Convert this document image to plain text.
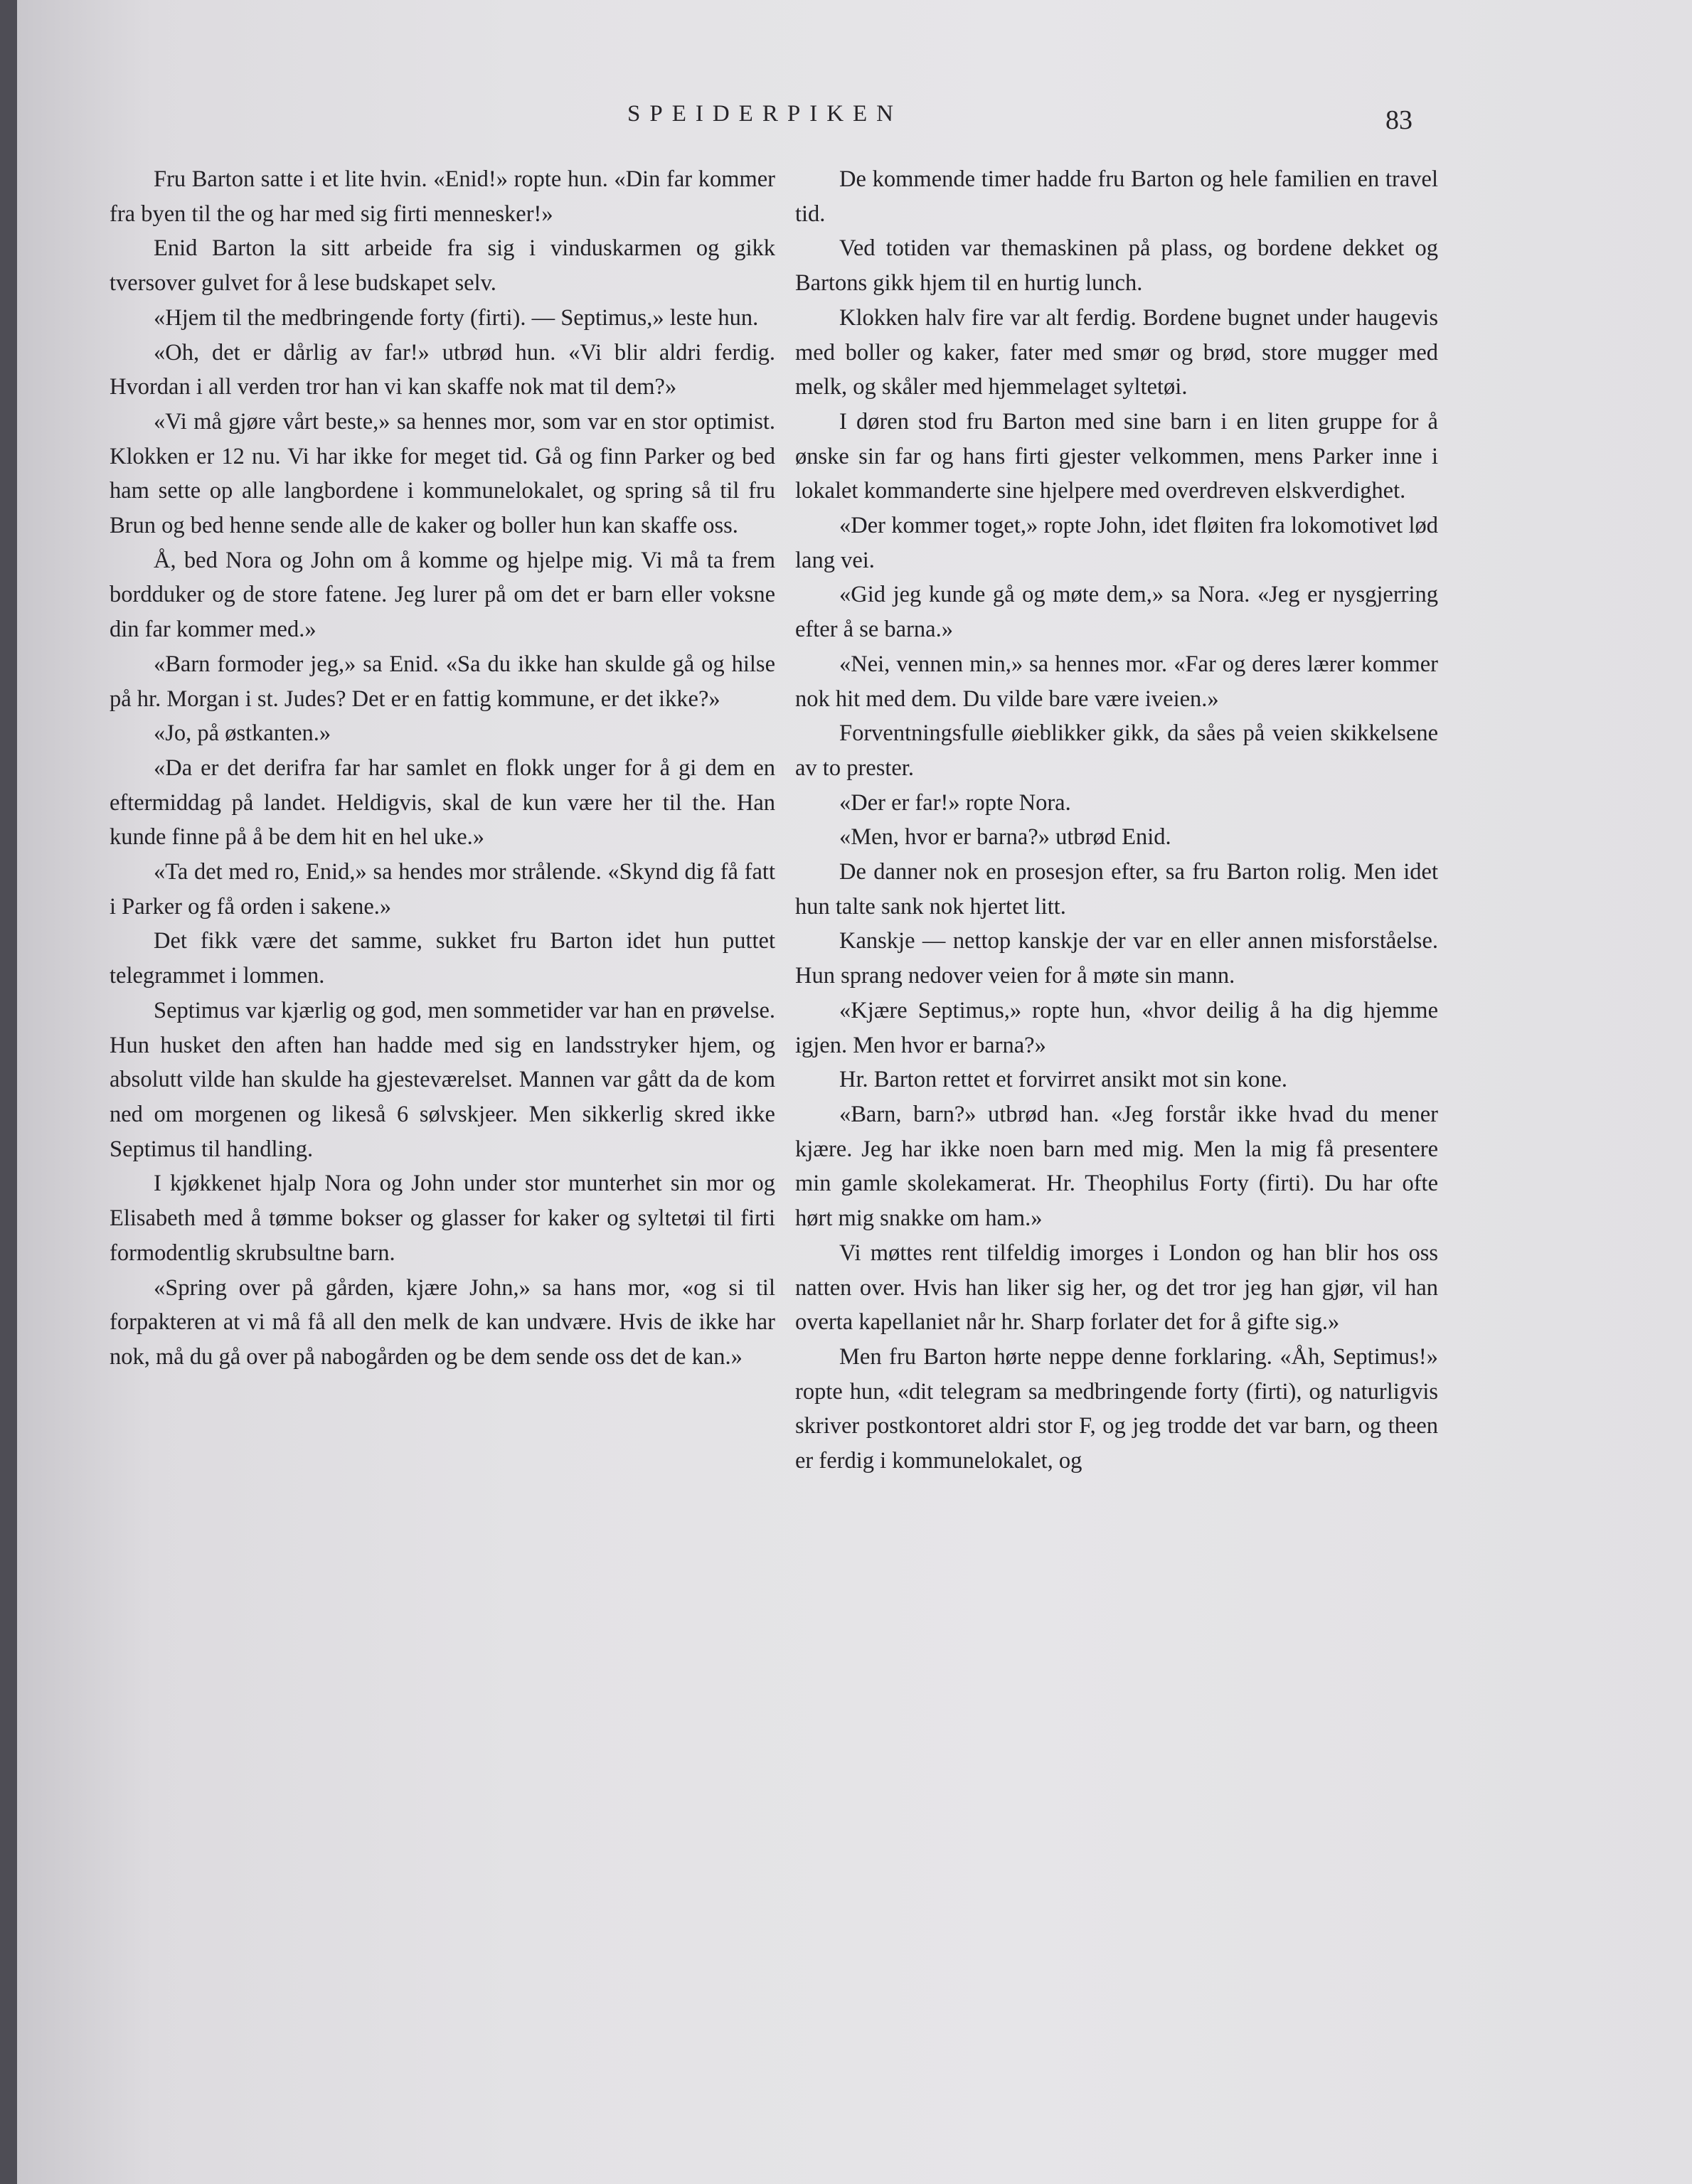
SPEIDERPIKEN	83

Fru Barton satte i et lite hvin. «Enid!» ropte hun. «Din far kommer fra byen til the og har med sig firti mennesker!»

Enid Barton la sitt arbeide fra sig i vinduskarmen og gikk tversover gulvet for å lese budskapet selv.

«Hjem til the medbringende forty (firti). — Septimus,» leste hun.

«Oh, det er dårlig av far!» utbrød hun. «Vi blir aldri ferdig. Hvordan i all verden tror han vi kan skaffe nok mat til dem?»

«Vi må gjøre vårt beste,» sa hennes mor, som var en stor optimist. Klokken er 12 nu. Vi har ikke for meget tid. Gå og finn Parker og bed ham sette op alle langbordene i kommunelokalet, og spring så til fru Brun og bed henne sende alle de kaker og boller hun kan skaffe oss.

Å, bed Nora og John om å komme og hjelpe mig. Vi må ta frem bordduker og de store fatene. Jeg lurer på om det er barn eller voksne din far kommer med.»

«Barn formoder jeg,» sa Enid. «Sa du ikke han skulde gå og hilse på hr. Morgan i st. Judes? Det er en fattig kommune, er det ikke?»

«Jo, på østkanten.»

«Da er det derifra far har samlet en flokk unger for å gi dem en eftermiddag på landet. Heldigvis, skal de kun være her til the. Han kunde finne på å be dem hit en hel uke.»

«Ta det med ro, Enid,» sa hendes mor strålende. «Skynd dig få fatt i Parker og få orden i sakene.»

Det fikk være det samme, sukket fru Barton idet hun puttet telegrammet i lommen.

Septimus var kjærlig og god, men sommetider var han en prøvelse. Hun husket den aften han hadde med sig en landsstryker hjem, og absolutt vilde han skulde ha gjesteværelset. Mannen var gått da de kom ned om morgenen og likeså 6 sølvskjeer. Men sikkerlig skred ikke Septimus til handling.

I kjøkkenet hjalp Nora og John under stor munterhet sin mor og Elisabeth med å tømme bokser og glasser for kaker og syltetøi til firti formodentlig skrubsultne barn.

«Spring over på gården, kjære John,» sa hans mor, «og si til forpakteren at vi må få all den melk de kan undvære. Hvis de ikke har nok, må du gå over på nabogården og be dem sende oss det de kan.»

De kommende timer hadde fru Barton og hele familien en travel tid.

Ved totiden var themaskinen på plass, og bordene dekket og Bartons gikk hjem til en hurtig lunch.

Klokken halv fire var alt ferdig. Bordene bugnet under haugevis med boller og kaker, fater med smør og brød, store mugger med melk, og skåler med hjemmelaget syltetøi.

I døren stod fru Barton med sine barn i en liten gruppe for å ønske sin far og hans firti gjester velkommen, mens Parker inne i lokalet kommanderte sine hjelpere med overdreven elskverdighet.

«Der kommer toget,» ropte John, idet fløiten fra lokomotivet lød lang vei.

«Gid jeg kunde gå og møte dem,» sa Nora. «Jeg er nysgjerring efter å se barna.»

«Nei, vennen min,» sa hennes mor. «Far og deres lærer kommer nok hit med dem. Du vilde bare være iveien.»

Forventningsfulle øieblikker gikk, da såes på veien skikkelsene av to prester.

«Der er far!» ropte Nora.

«Men, hvor er barna?» utbrød Enid.

De danner nok en prosesjon efter, sa fru Barton rolig. Men idet hun talte sank nok hjertet litt.

Kanskje — nettop kanskje der var en eller annen misforståelse. Hun sprang nedover veien for å møte sin mann.

«Kjære Septimus,» ropte hun, «hvor deilig å ha dig hjemme igjen. Men hvor er barna?»

Hr. Barton rettet et forvirret ansikt mot sin kone.

«Barn, barn?» utbrød han. «Jeg forstår ikke hvad du mener kjære. Jeg har ikke noen barn med mig. Men la mig få presentere min gamle skolekamerat. Hr. Theophilus Forty (firti). Du har ofte hørt mig snakke om ham.»

Vi møttes rent tilfeldig imorges i London og han blir hos oss natten over. Hvis han liker sig her, og det tror jeg han gjør, vil han overta kapellaniet når hr. Sharp forlater det for å gifte sig.»

Men fru Barton hørte neppe denne forklaring. «Åh, Septimus!» ropte hun, «dit telegram sa medbringende forty (firti), og naturligvis skriver postkontoret aldri stor F, og jeg trodde det var barn, og theen er ferdig i kommunelokalet, og
